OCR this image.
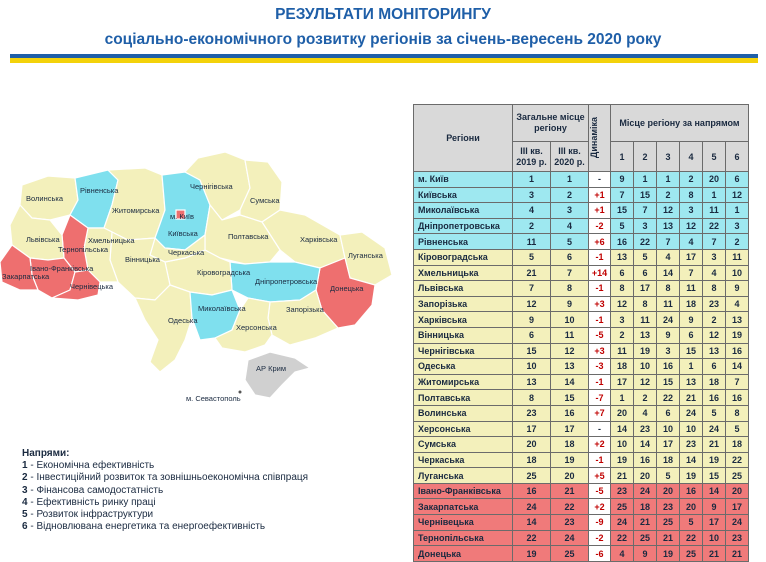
РЕЗУЛЬТАТИ МОНІТОРИНГУ
соціально-економічного розвитку регіонів за січень-вересень 2020 року
Волинська
Рівненська
Житомирська
Чернігівська
Сумська
м. Київ
Київська	Полтавська	Харківська
Львівська	Хмельницька
Тернопільська
Вінницька
Черкаська	Луганська
Івано-Франківська
Закарпатська
Чернівецька
Кіровоградська
Дніпропетровська
Донецька
Одеська
Миколаївська	Запорізька
Херсонська
АР Крим
м. Севастополь
Напрями:
1 - Економічна ефективність
2 - Інвестиційний розвиток та зовнішньоекономічна співпраця
3 - Фінансова самодостатність
4 - Ефективність ринку праці
5 - Розвиток інфраструктури
6 - Відновлювана енергетика та енергоефективність
Регіони	Загальне місце регіону		Динаміка	Місце регіону за напрямом					
	ІІІ кв. 2019 р.	ІІІ кв. 2020 р.		1	2	3	4	5	6
м. Київ	1	1	-	9	1	1	2	20	6
Київська	3	2	+1	7	15	2	8	1	12
Миколаївська	4	3	+1	15	7	12	3	11	1
Дніпропетровська	2	4	-2	5	3	13	12	22	3
Рівненська	11	5	+6	16	22	7	4	7	2
Кіровоградська	5	6	-1	13	5	4	17	3	11
Хмельницька	21	7	+14	6	6	14	7	4	10
Львівська	7	8	-1	8	17	8	11	8	9
Запорізька	12	9	+3	12	8	11	18	23	4
Харківська	9	10	-1	3	11	24	9	2	13
Вінницька	6	11	-5	2	13	9	6	12	19
Чернігівська	15	12	+3	11	19	3	15	13	16
Одеська	10	13	-3	18	10	16	1	6	14
Житомирська	13	14	-1	17	12	15	13	18	7
Полтавська	8	15	-7	1	2	22	21	16	16
Волинська	23	16	+7	20	4	6	24	5	8
Херсонська	17	17	-	14	23	10	10	24	5
Сумська	20	18	+2	10	14	17	23	21	18
Черкаська	18	19	-1	19	16	18	14	19	22
Луганська	25	20	+5	21	20	5	19	15	25
Івано-Франківська	16	21	-5	23	24	20	16	14	20
Закарпатська	24	22	+2	25	18	23	20	9	17
Чернівецька	14	23	-9	24	21	25	5	17	24
Тернопільська	22	24	-2	22	25	21	22	10	23
Донецька	19	25	-6	4	9	19	25	21	21
